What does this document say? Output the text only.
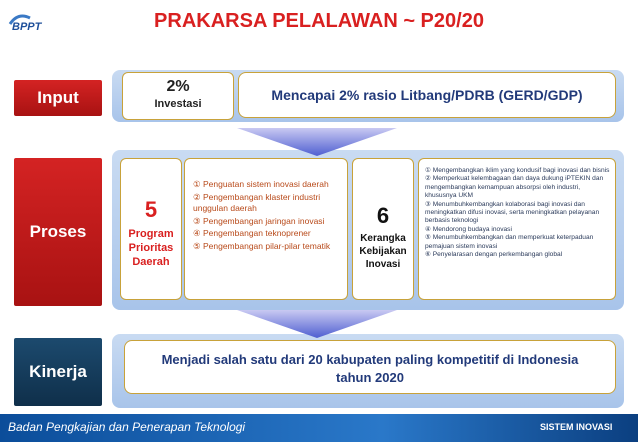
BPPT	PRAKARSA PELALAWAN ~ P20/20
Input
Proses
Kinerja
2%
Investasi
Mencapai 2% rasio Litbang/PDRB (GERD/GDP)
5
Program
Prioritas
Daerah
① Penguatan sistem inovasi daerah
② Pengembangan klaster industri unggulan daerah
③ Pengembangan jaringan inovasi
④ Pengembangan teknoprener
⑤ Pengembangan pilar-pilar tematik
6
Kerangka
Kebijakan
Inovasi
① Mengembangkan iklim yang kondusif bagi inovasi dan bisnis
② Memperkuat kelembagaan dan daya dukung iPTEKIN dan mengembangkan kemampuan absorpsi oleh industri, khususnya UKM
③ Menumbuhkembangkan kolaborasi bagi inovasi dan meningkatkan difusi inovasi, serta meningkatkan pelayanan berbasis teknologi
④ Mendorong budaya inovasi
⑤ Menumbuhkembangkan dan memperkuat keterpaduan pemajuan sistem inovasi
⑥ Penyelarasan dengan perkembangan global
Menjadi salah satu dari 20 kabupaten paling kompetitif di Indonesia tahun 2020
Badan Pengkajian dan Penerapan Teknologi	SISTEM INOVASI
